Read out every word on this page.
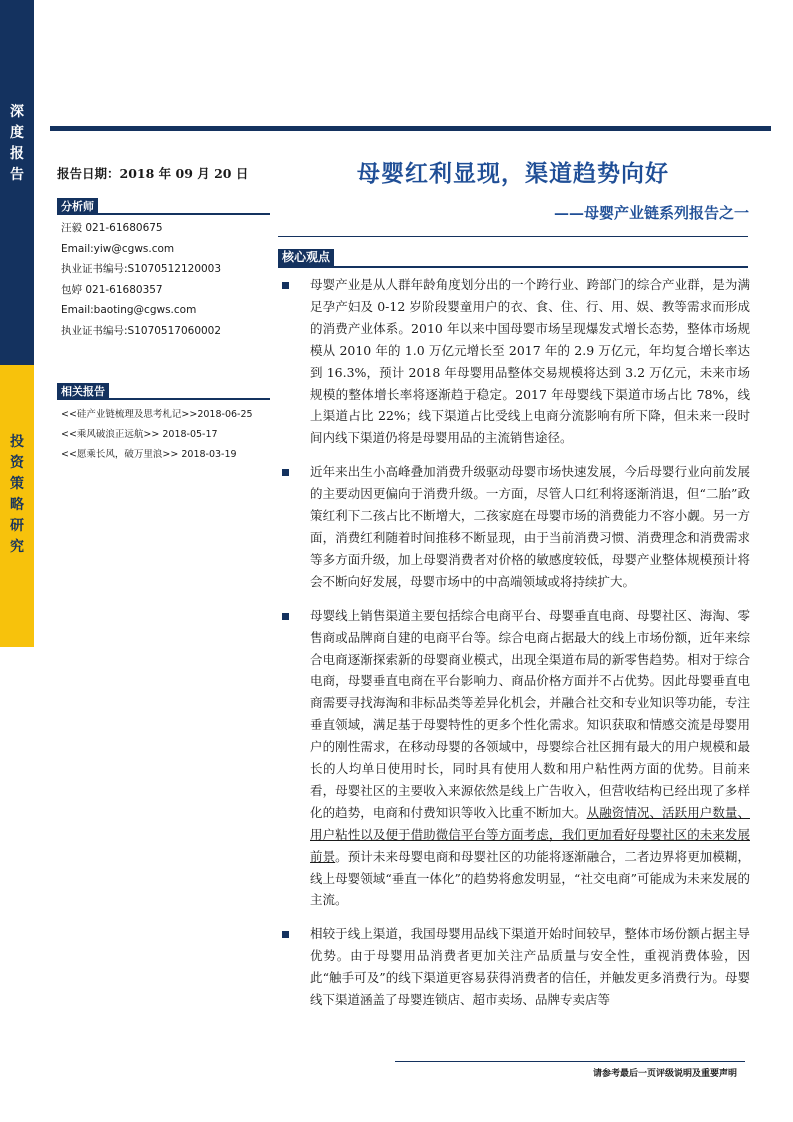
深
度
报
告
投
资
策
略
研
究
报告日期：2018 年 09 月 20 日	母婴红利显现，渠道趋势向好
——母婴产业链系列报告之一
分析师
汪毅 021-61680675
Email:yiw@cgws.com
执业证书编号:S1070512120003
包婷 021-61680357
Email:baoting@cgws.com
执业证书编号:S1070517060002
相关报告
<<硅产业链梳理及思考札记>>2018-06-25
<<乘风破浪正远航>> 2018-05-17
<<愿乘长风，破万里浪>> 2018-03-19
核心观点
母婴产业是从人群年龄角度划分出的一个跨行业、跨部门的综合产业群，是为满足孕产妇及 0-12 岁阶段婴童用户的衣、食、住、行、用、娱、教等需求而形成的消费产业体系。2010 年以来中国母婴市场呈现爆发式增长态势，整体市场规模从 2010 年的 1.0 万亿元增长至 2017 年的 2.9 万亿元，年均复合增长率达到 16.3%，预计 2018 年母婴用品整体交易规模将达到 3.2 万亿元，未来市场规模的整体增长率将逐渐趋于稳定。2017 年母婴线下渠道市场占比 78%，线上渠道占比 22%；线下渠道占比受线上电商分流影响有所下降，但未来一段时间内线下渠道仍将是母婴用品的主流销售途径。
近年来出生小高峰叠加消费升级驱动母婴市场快速发展，今后母婴行业向前发展的主要动因更偏向于消费升级。一方面，尽管人口红利将逐渐消退，但“二胎”政策红利下二孩占比不断增大，二孩家庭在母婴市场的消费能力不容小觑。另一方面，消费红利随着时间推移不断显现，由于当前消费习惯、消费理念和消费需求等多方面升级，加上母婴消费者对价格的敏感度较低，母婴产业整体规模预计将会不断向好发展，母婴市场中的中高端领域或将持续扩大。
母婴线上销售渠道主要包括综合电商平台、母婴垂直电商、母婴社区、海淘、零售商或品牌商自建的电商平台等。综合电商占据最大的线上市场份额，近年来综合电商逐渐探索新的母婴商业模式，出现全渠道布局的新零售趋势。相对于综合电商，母婴垂直电商在平台影响力、商品价格方面并不占优势。因此母婴垂直电商需要寻找海淘和非标品类等差异化机会，并融合社交和专业知识等功能，专注垂直领域，满足基于母婴特性的更多个性化需求。知识获取和情感交流是母婴用户的刚性需求，在移动母婴的各领域中，母婴综合社区拥有最大的用户规模和最长的人均单日使用时长，同时具有使用人数和用户粘性两方面的优势。目前来看，母婴社区的主要收入来源依然是线上广告收入，但营收结构已经出现了多样化的趋势，电商和付费知识等收入比重不断加大。从融资情况、活跃用户数量、用户粘性以及便于借助微信平台等方面考虑，我们更加看好母婴社区的未来发展前景。预计未来母婴电商和母婴社区的功能将逐渐融合，二者边界将更加模糊，线上母婴领域“垂直一体化”的趋势将愈发明显，“社交电商”可能成为未来发展的主流。
相较于线上渠道，我国母婴用品线下渠道开始时间较早，整体市场份额占据主导优势。由于母婴用品消费者更加关注产品质量与安全性，重视消费体验，因此“触手可及”的线下渠道更容易获得消费者的信任，并触发更多消费行为。母婴线下渠道涵盖了母婴连锁店、超市卖场、品牌专卖店等
请参考最后一页评级说明及重要声明
